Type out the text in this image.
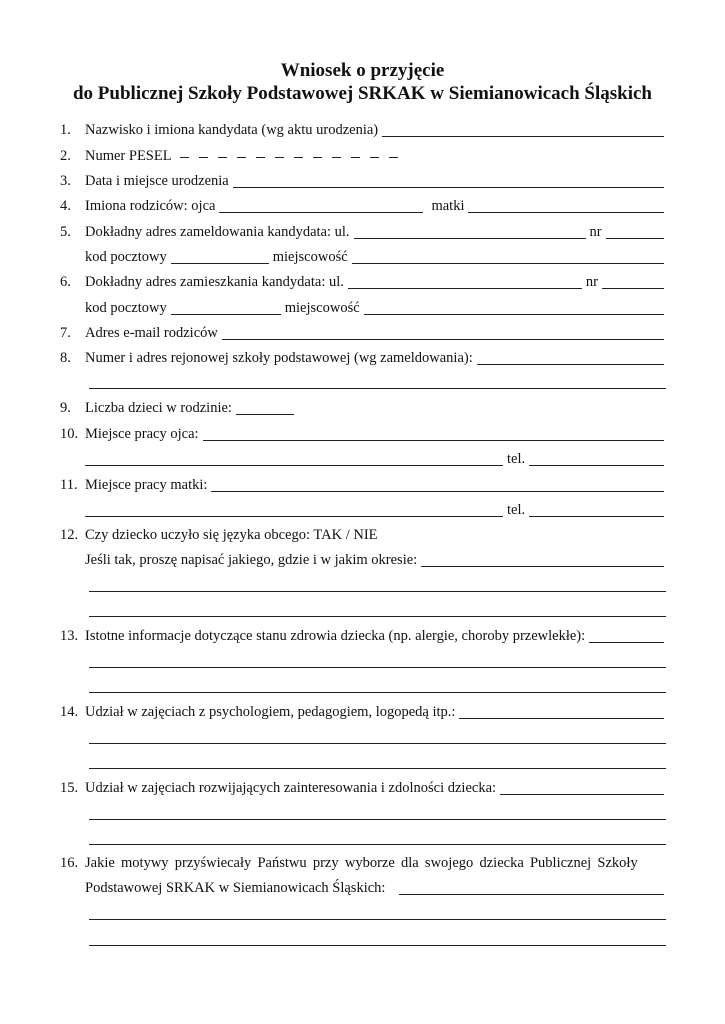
Wniosek o przyjęcie
do Publicznej Szkoły Podstawowej SRKAK w Siemianowicach Śląskich
1. Nazwisko i imiona kandydata (wg aktu urodzenia)
2. Numer PESEL
3. Data i miejsce urodzenia
4. Imiona rodziców: ojca	matki
5. Dokładny adres zameldowania kandydata: ul.	nr
kod pocztowy	miejscowość
6. Dokładny adres zamieszkania kandydata: ul.	nr
kod pocztowy	miejscowość
7. Adres e-mail rodziców
8. Numer i adres rejonowej szkoły podstawowej (wg zameldowania):
9. Liczba dzieci w rodzinie:
10. Miejsce pracy ojca:
tel.
11. Miejsce pracy matki:
tel.
12. Czy dziecko uczyło się języka obcego: TAK / NIE
Jeśli tak, proszę napisać jakiego, gdzie i w jakim okresie:
13. Istotne informacje dotyczące stanu zdrowia dziecka (np. alergie, choroby przewlekłe):
14. Udział w zajęciach z psychologiem, pedagogiem, logopedą itp.:
15. Udział w zajęciach rozwijających zainteresowania i zdolności dziecka:
16. Jakie motywy przyświecały Państwu przy wyborze dla swojego dziecka Publicznej Szkoły
Podstawowej SRKAK w Siemianowicach Śląskich:
